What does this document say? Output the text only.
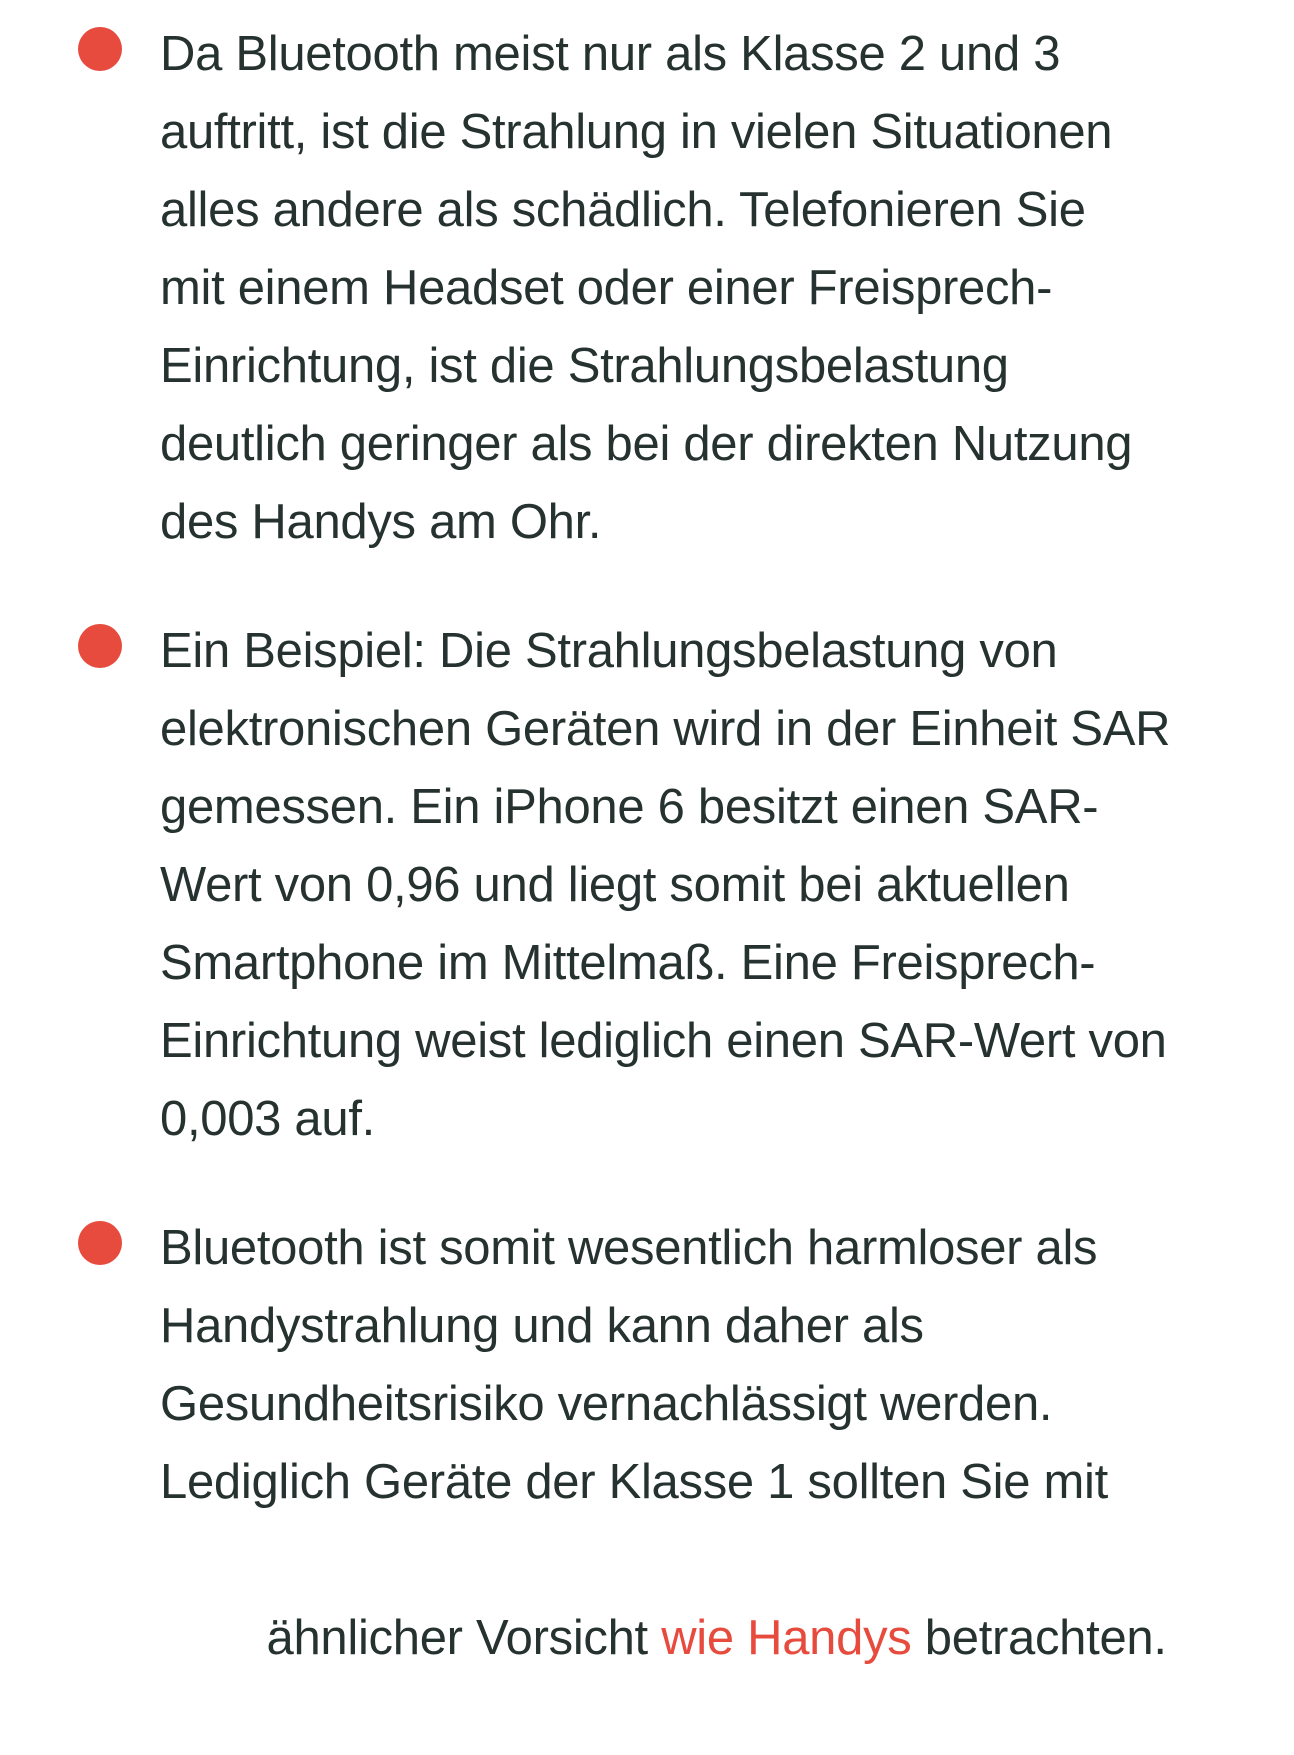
Da Bluetooth meist nur als Klasse 2 und 3
auftritt, ist die Strahlung in vielen Situationen
alles andere als schädlich. Telefonieren Sie
mit einem Headset oder einer Freisprech-
Einrichtung, ist die Strahlungsbelastung
deutlich geringer als bei der direkten Nutzung
des Handys am Ohr.
Ein Beispiel: Die Strahlungsbelastung von
elektronischen Geräten wird in der Einheit SAR
gemessen. Ein iPhone 6 besitzt einen SAR-
Wert von 0,96 und liegt somit bei aktuellen
Smartphone im Mittelmaß. Eine Freisprech-
Einrichtung weist lediglich einen SAR-Wert von
0,003 auf.
Bluetooth ist somit wesentlich harmloser als
Handystrahlung und kann daher als
Gesundheitsrisiko vernachlässigt werden.
Lediglich Geräte der Klasse 1 sollten Sie mit

ähnlicher Vorsicht wie Handys betrachten.
